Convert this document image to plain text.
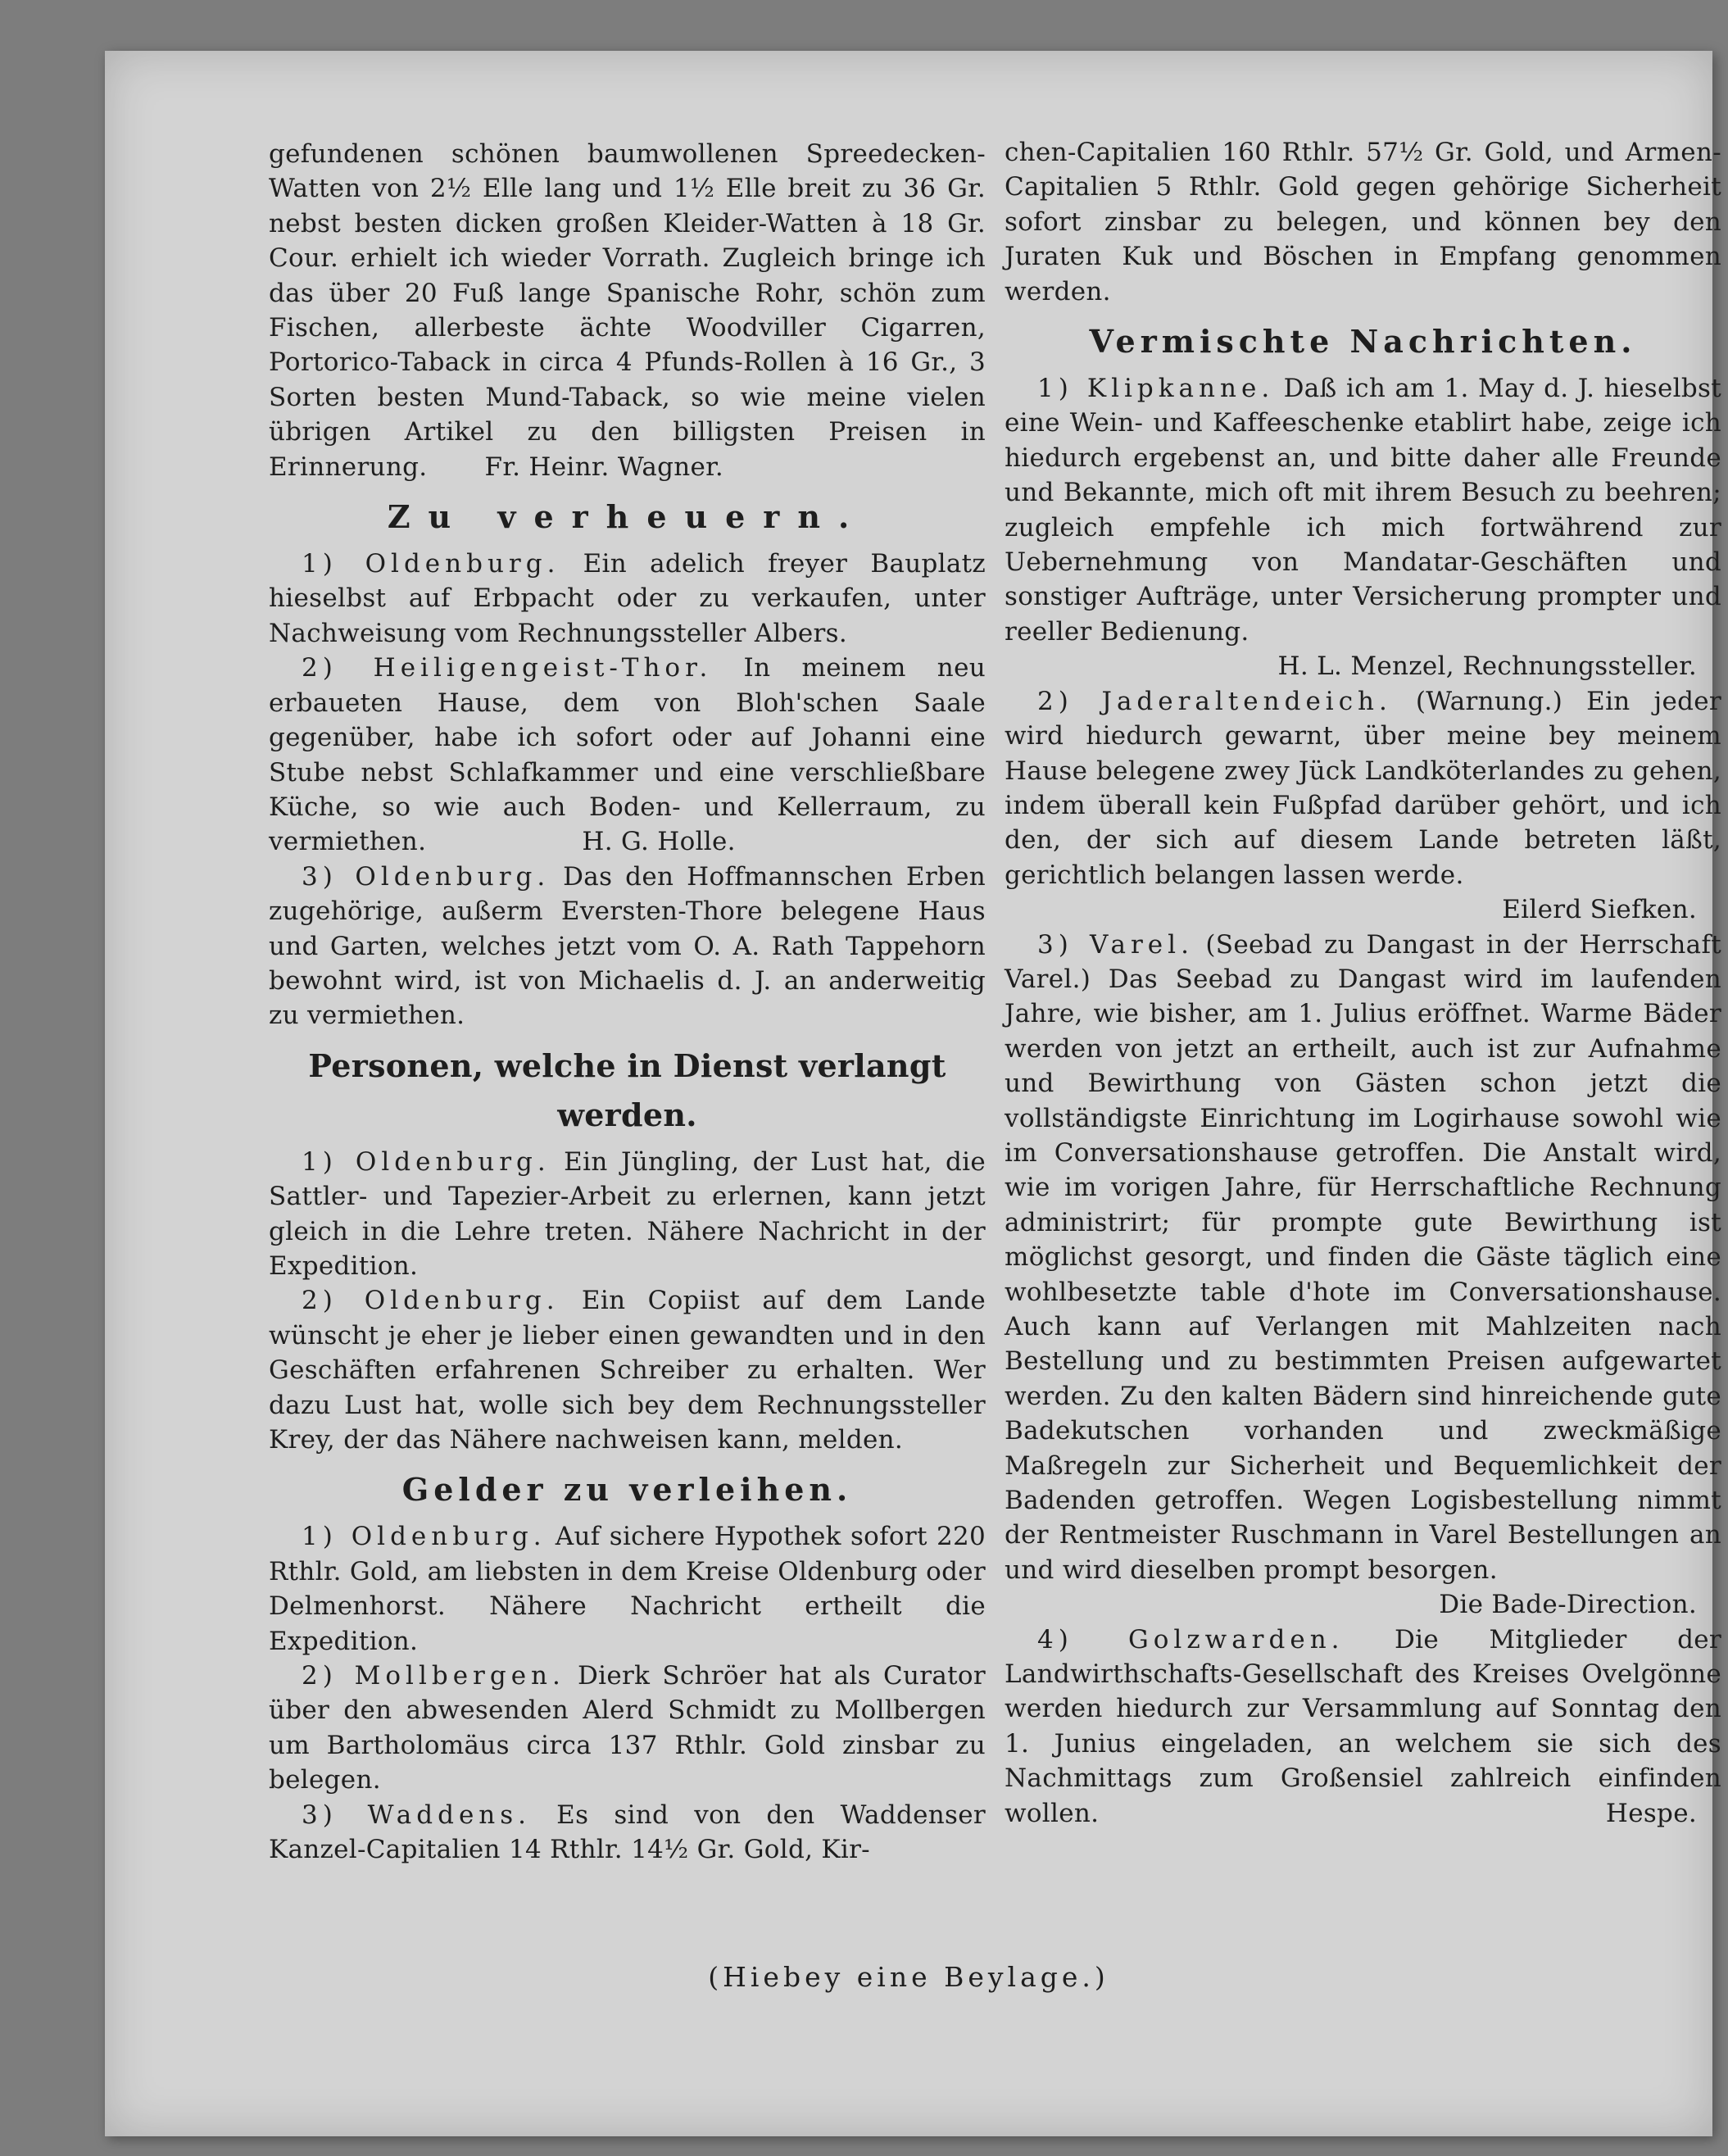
gefundenen schönen baumwollenen Spreedecken-Watten von 2½ Elle lang und 1½ Elle breit zu 36 Gr. nebst besten dicken großen Kleider-Watten à 18 Gr. Cour. erhielt ich wieder Vorrath. Zugleich bringe ich das über 20 Fuß lange Spanische Rohr, schön zum Fischen, allerbeste ächte Woodviller Cigarren, Portorico-Taback in circa 4 Pfunds-Rollen à 16 Gr., 3 Sorten besten Mund-Taback, so wie meine vielen übrigen Artikel zu den billigsten Preisen in Erinnerung. Fr. Heinr. Wagner.

Zu verheuern.

1) Oldenburg. Ein adelich freyer Bauplatz hieselbst auf Erbpacht oder zu verkaufen, unter Nachweisung vom Rechnungssteller Albers.

2) Heiligengeist-Thor. In meinem neu erbaueten Hause, dem von Bloh'schen Saale gegenüber, habe ich sofort oder auf Johanni eine Stube nebst Schlafkammer und eine verschließbare Küche, so wie auch Boden- und Kellerraum, zu vermiethen.	H. G. Holle.

3) Oldenburg. Das den Hoffmannschen Erben zugehörige, außerm Eversten-Thore belegene Haus und Garten, welches jetzt vom O. A. Rath Tappehorn bewohnt wird, ist von Michaelis d. J. an anderweitig zu vermiethen.

Personen, welche in Dienst verlangt werden.

1) Oldenburg. Ein Jüngling, der Lust hat, die Sattler- und Tapezier-Arbeit zu erlernen, kann jetzt gleich in die Lehre treten. Nähere Nachricht in der Expedition.

2) Oldenburg. Ein Copiist auf dem Lande wünscht je eher je lieber einen gewandten und in den Geschäften erfahrenen Schreiber zu erhalten. Wer dazu Lust hat, wolle sich bey dem Rechnungssteller Krey, der das Nähere nachweisen kann, melden.

Gelder zu verleihen.

1) Oldenburg. Auf sichere Hypothek sofort 220 Rthlr. Gold, am liebsten in dem Kreise Oldenburg oder Delmenhorst. Nähere Nachricht ertheilt die Expedition.

2) Mollbergen. Dierk Schröer hat als Curator über den abwesenden Alerd Schmidt zu Mollbergen um Bartholomäus circa 137 Rthlr. Gold zinsbar zu belegen.

3) Waddens. Es sind von den Waddenser Kanzel-Capitalien 14 Rthlr. 14½ Gr. Gold, Kir-

chen-Capitalien 160 Rthlr. 57½ Gr. Gold, und Armen-Capitalien 5 Rthlr. Gold gegen gehörige Sicherheit sofort zinsbar zu belegen, und können bey den Juraten Kuk und Böschen in Empfang genommen werden.

Vermischte Nachrichten.

1) Klipkanne. Daß ich am 1. May d. J. hieselbst eine Wein- und Kaffeeschenke etablirt habe, zeige ich hiedurch ergebenst an, und bitte daher alle Freunde und Bekannte, mich oft mit ihrem Besuch zu beehren; zugleich empfehle ich mich fortwährend zur Uebernehmung von Mandatar-Geschäften und sonstiger Aufträge, unter Versicherung prompter und reeller Bedienung.

H. L. Menzel, Rechnungssteller.

2) Jaderaltendeich. (Warnung.) Ein jeder wird hiedurch gewarnt, über meine bey meinem Hause belegene zwey Jück Landköterlandes zu gehen, indem überall kein Fußpfad darüber gehört, und ich den, der sich auf diesem Lande betreten läßt, gerichtlich belangen lassen werde.

Eilerd Siefken.

3) Varel. (Seebad zu Dangast in der Herrschaft Varel.) Das Seebad zu Dangast wird im laufenden Jahre, wie bisher, am 1. Julius eröffnet. Warme Bäder werden von jetzt an ertheilt, auch ist zur Aufnahme und Bewirthung von Gästen schon jetzt die vollständigste Einrichtung im Logirhause sowohl wie im Conversationshause getroffen. Die Anstalt wird, wie im vorigen Jahre, für Herrschaftliche Rechnung administrirt; für prompte gute Bewirthung ist möglichst gesorgt, und finden die Gäste täglich eine wohlbesetzte table d'hote im Conversationshause. Auch kann auf Verlangen mit Mahlzeiten nach Bestellung und zu bestimmten Preisen aufgewartet werden. Zu den kalten Bädern sind hinreichende gute Badekutschen vorhanden und zweckmäßige Maßregeln zur Sicherheit und Bequemlichkeit der Badenden getroffen. Wegen Logisbestellung nimmt der Rentmeister Ruschmann in Varel Bestellungen an und wird dieselben prompt besorgen.

Die Bade-Direction.

4) Golzwarden. Die Mitglieder der Landwirthschafts-Gesellschaft des Kreises Ovelgönne werden hiedurch zur Versammlung auf Sonntag den 1. Junius eingeladen, an welchem sie sich des Nachmittags zum Großensiel zahlreich einfinden wollen.	Hespe.

(Hiebey eine Beylage.)
